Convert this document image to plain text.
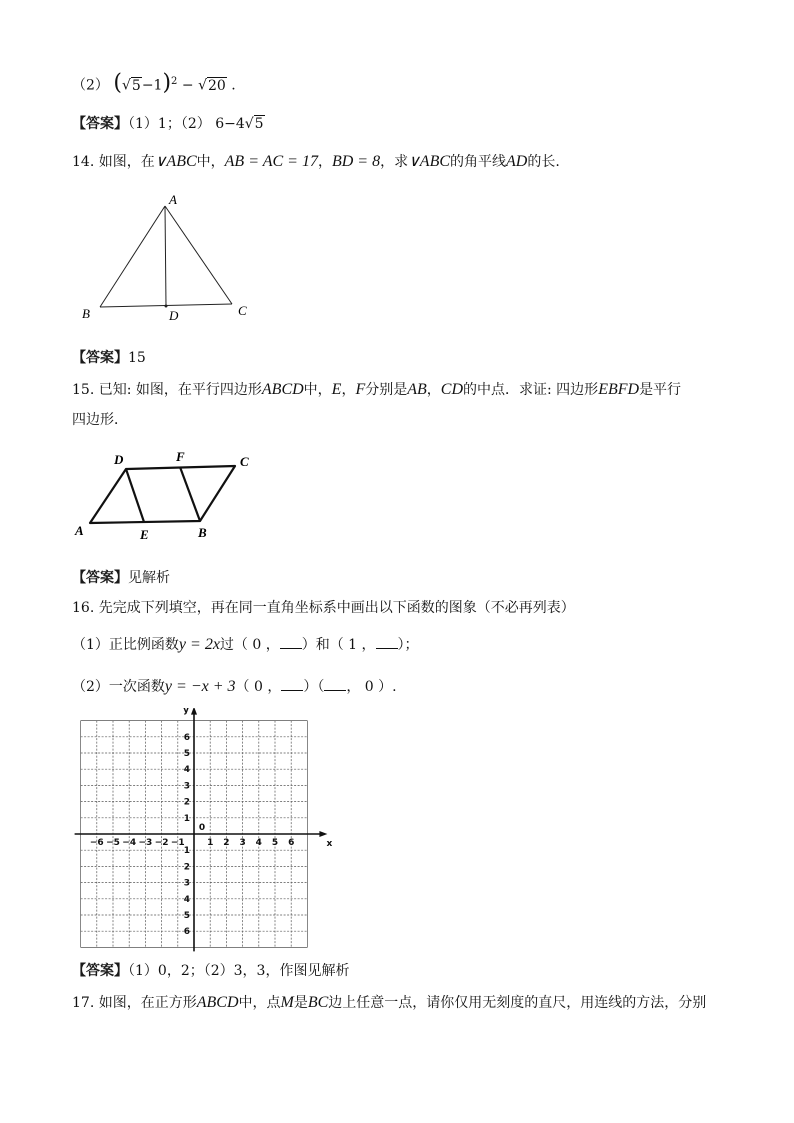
（2） $(√5-1)^2 - √20$ .
【答案】（1）1；（2） 6−4√5
14. 如图，在∨ABC中，AB = AC = 17，BD = 8，求∨ABC的角平线AD的长.
A
B	C
D
【答案】15
15. 已知: 如图，在平行四边形ABCD中，E，F分别是AB，CD的中点．求证: 四边形EBFD是平行
四边形．
A	B
C
D
E
F
【答案】见解析
16. 先完成下列填空，再在同一直角坐标系中画出以下函数的图象（不必再列表）
（1）正比例函数y = 2x过（ 0 ， ）和（ 1 ， ）；
（2）一次函数y = −x + 3（ 0 ， ）（ ， 0 ）.
−6 −5 −4 −3 −2 −1 1 2 3 4 5 6
6
5
4
3
2
1
1
2
3
4
5
6
0
x
y
【答案】（1）0，2；（2）3，3，作图见解析
17. 如图，在正方形ABCD中，点M是BC边上任意一点，请你仅用无刻度的直尺，用连线的方法，分别
